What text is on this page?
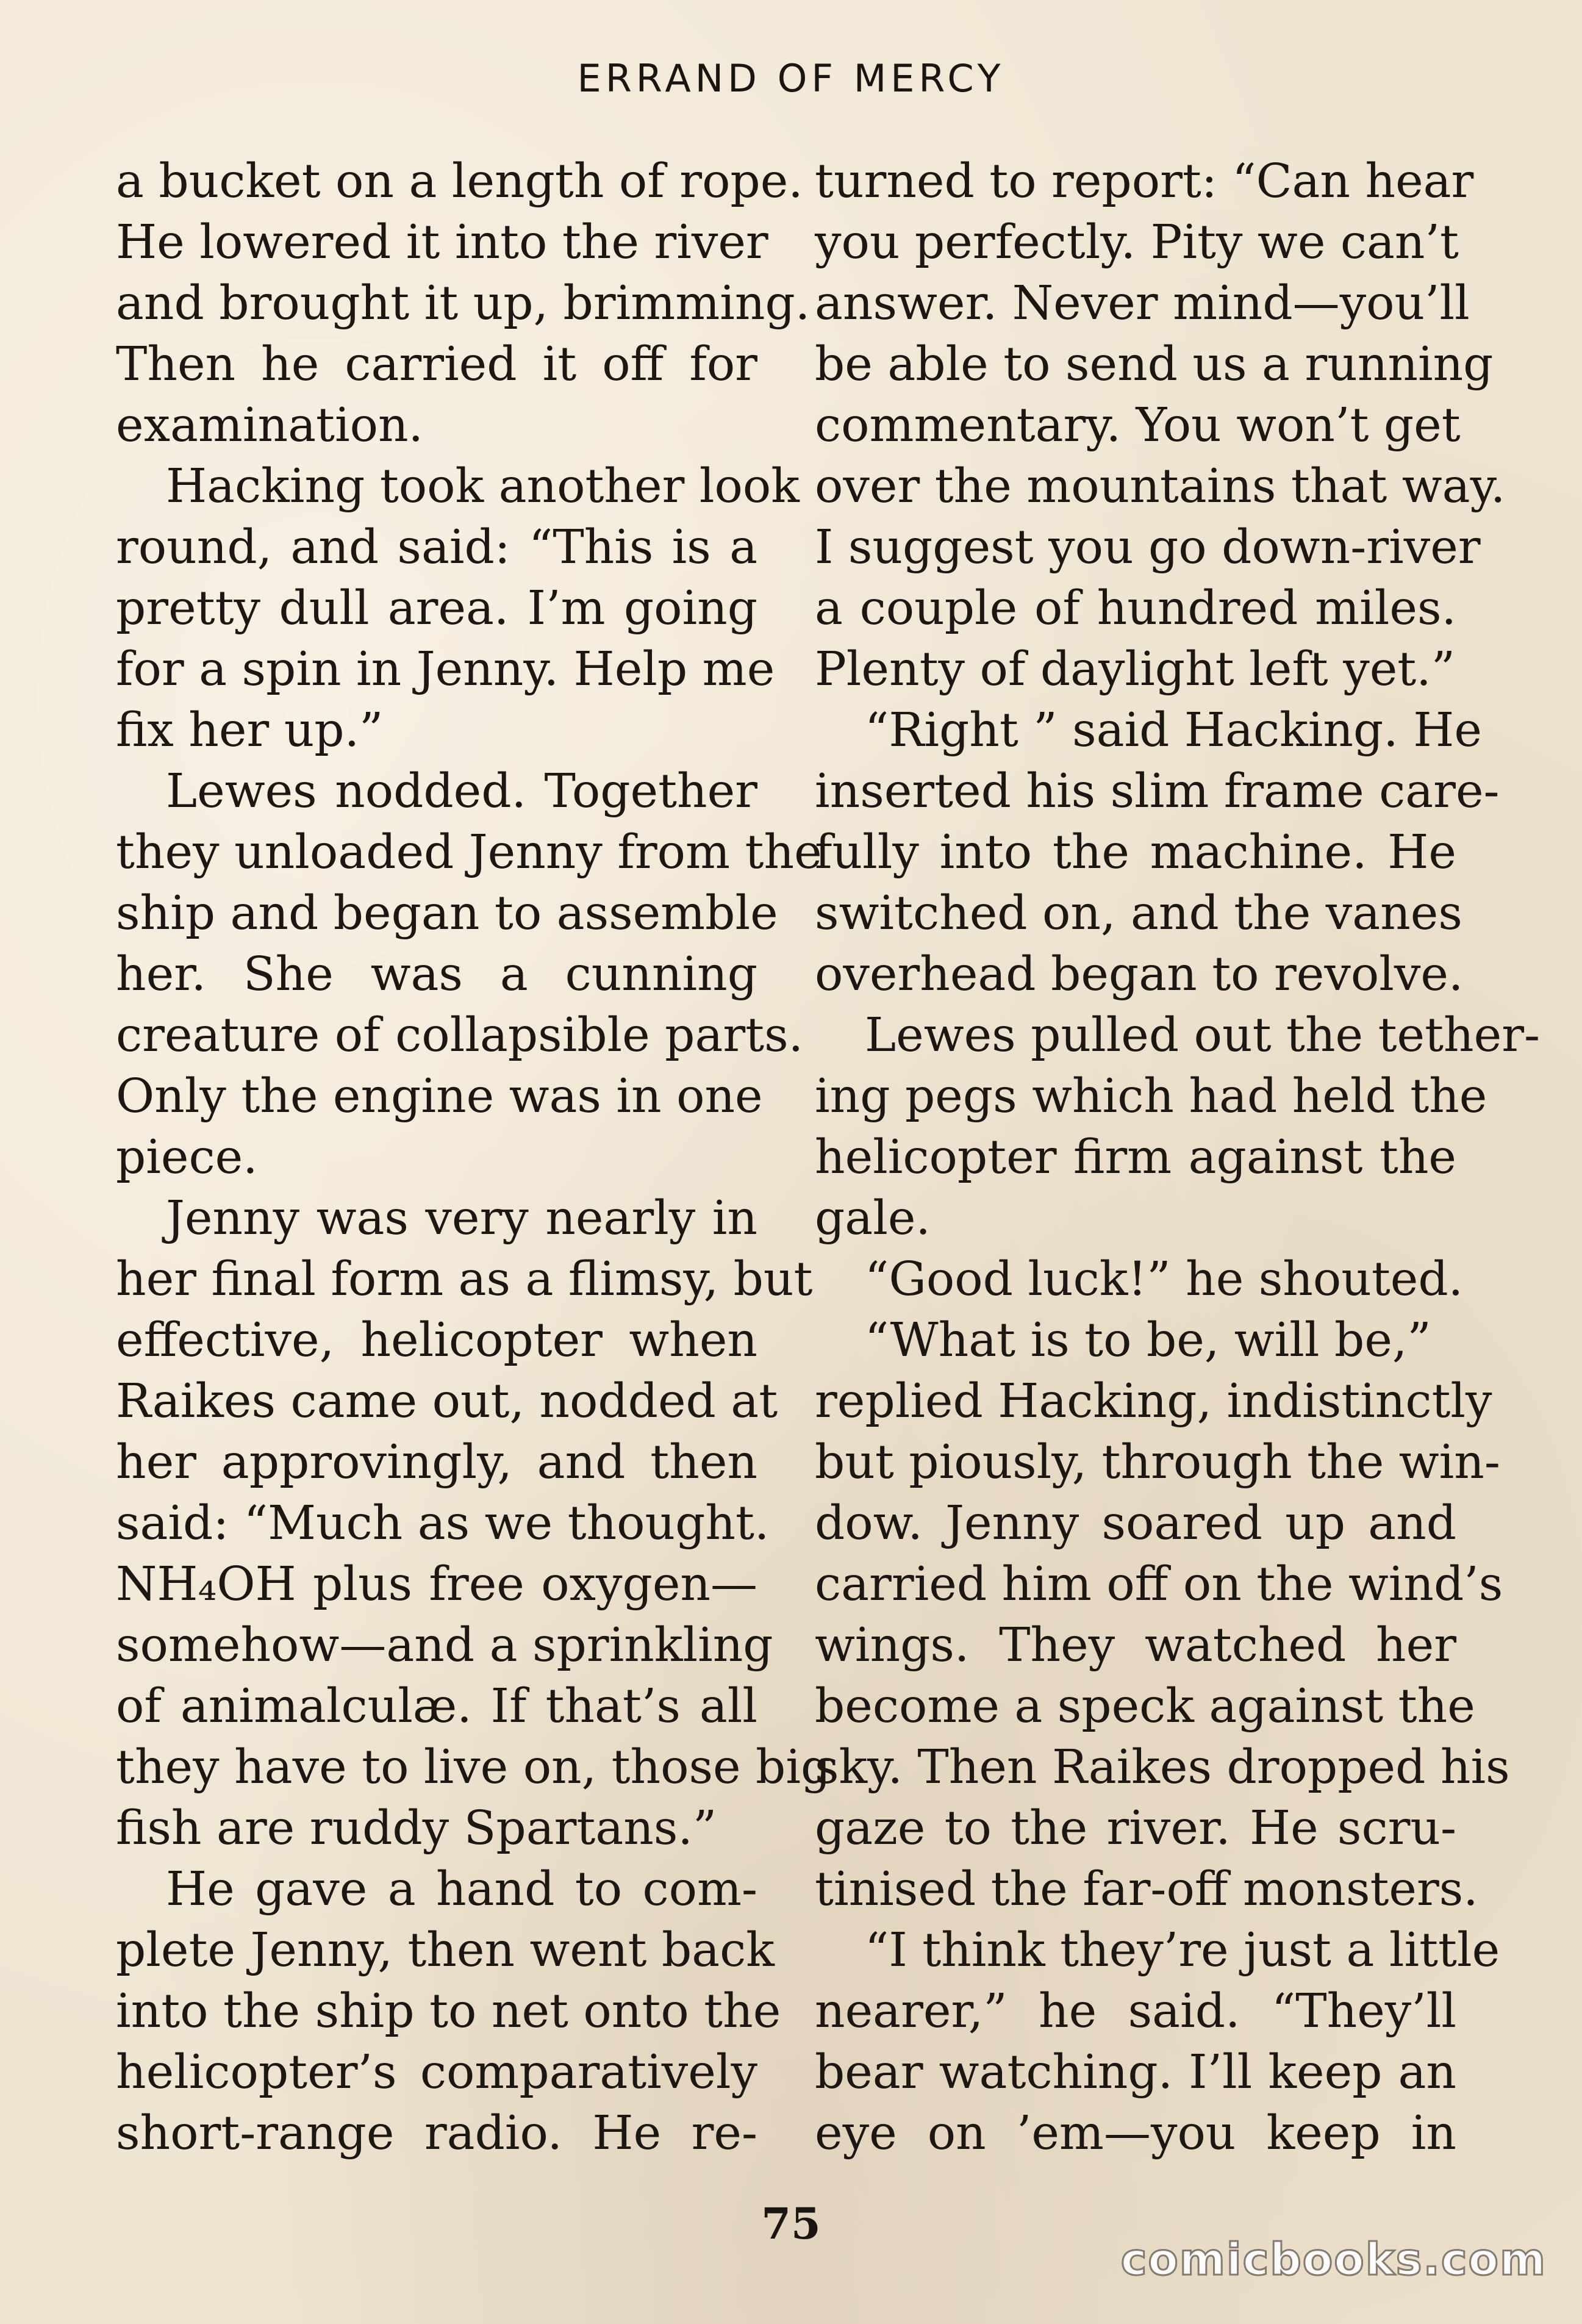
ERRAND OF MERCY
a bucket on a length of rope.
He lowered it into the river
and brought it up, brimming.
Then he carried it off for
examination.
Hacking took another look
round, and said: “This is a
pretty dull area. I’m going
for a spin in Jenny. Help me
fix her up.”
Lewes nodded. Together
they unloaded Jenny from the
ship and began to assemble
her. She was a cunning
creature of collapsible parts.
Only the engine was in one
piece.
Jenny was very nearly in
her final form as a flimsy, but
effective, helicopter when
Raikes came out, nodded at
her approvingly, and then
said: “Much as we thought.
NH₄OH plus free oxygen—
somehow—and a sprinkling
of animalculæ. If that’s all
they have to live on, those big
fish are ruddy Spartans.”
He gave a hand to com-
plete Jenny, then went back
into the ship to net onto the
helicopter’s comparatively
short-range radio. He re-
turned to report: “Can hear
you perfectly. Pity we can’t
answer. Never mind—you’ll
be able to send us a running
commentary. You won’t get
over the mountains that way.
I suggest you go down-river
a couple of hundred miles.
Plenty of daylight left yet.”
“Right ” said Hacking. He
inserted his slim frame care-
fully into the machine. He
switched on, and the vanes
overhead began to revolve.
Lewes pulled out the tether-
ing pegs which had held the
helicopter firm against the
gale.
“Good luck!” he shouted.
“What is to be, will be,”
replied Hacking, indistinctly
but piously, through the win-
dow. Jenny soared up and
carried him off on the wind’s
wings. They watched her
become a speck against the
sky. Then Raikes dropped his
gaze to the river. He scru-
tinised the far-off monsters.
“I think they’re just a little
nearer,” he said. “They’ll
bear watching. I’ll keep an
eye on ’em—you keep in
75
comicbooks.com
